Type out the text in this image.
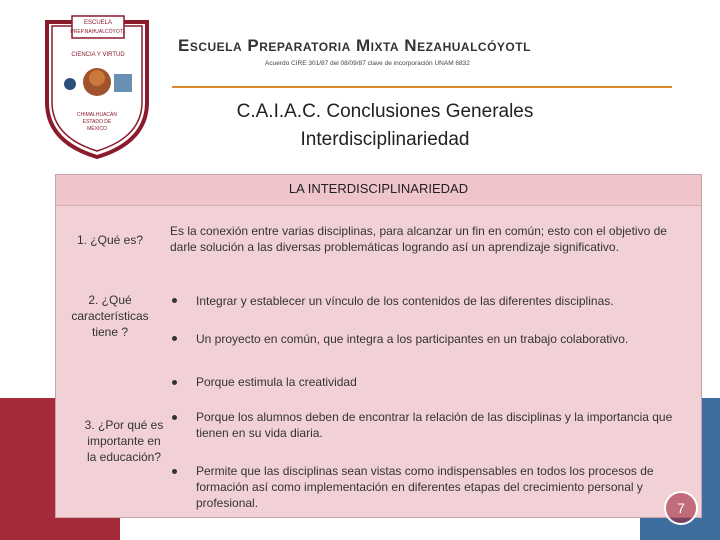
ESCUELA
PREP.NAHUALCÓYOTL
CIENCIA Y VIRTUD
CHIMALHUACÁN
ESTADO DE
MÉXICO
Escuela Preparatoria Mixta Nezahualcóyotl
Acuerdo CIRE 301/87 del 08/09/87 clave de incorporación UNAM 6832
C.A.I.A.C. Conclusiones Generales
Interdisciplinariedad
LA INTERDISCIPLINARIEDAD
1. ¿Qué es?
Es la conexión entre varias disciplinas, para alcanzar un fin en común; esto con el objetivo de darle solución a las diversas problemáticas logrando así un aprendizaje significativo.
2. ¿Qué
características
tiene ?
Integrar y establecer un vínculo de los contenidos de las diferentes disciplinas.
Un proyecto en común, que integra a los participantes en un trabajo colaborativo.
3. ¿Por qué es
importante en
la educación?
Porque estimula la creatividad
Porque los alumnos deben de encontrar la relación de las disciplinas y la importancia que tienen en su vida diaria.
Permite que las disciplinas sean vistas como indispensables en todos los procesos de formación así como implementación en diferentes etapas del crecimiento personal y profesional.	7
